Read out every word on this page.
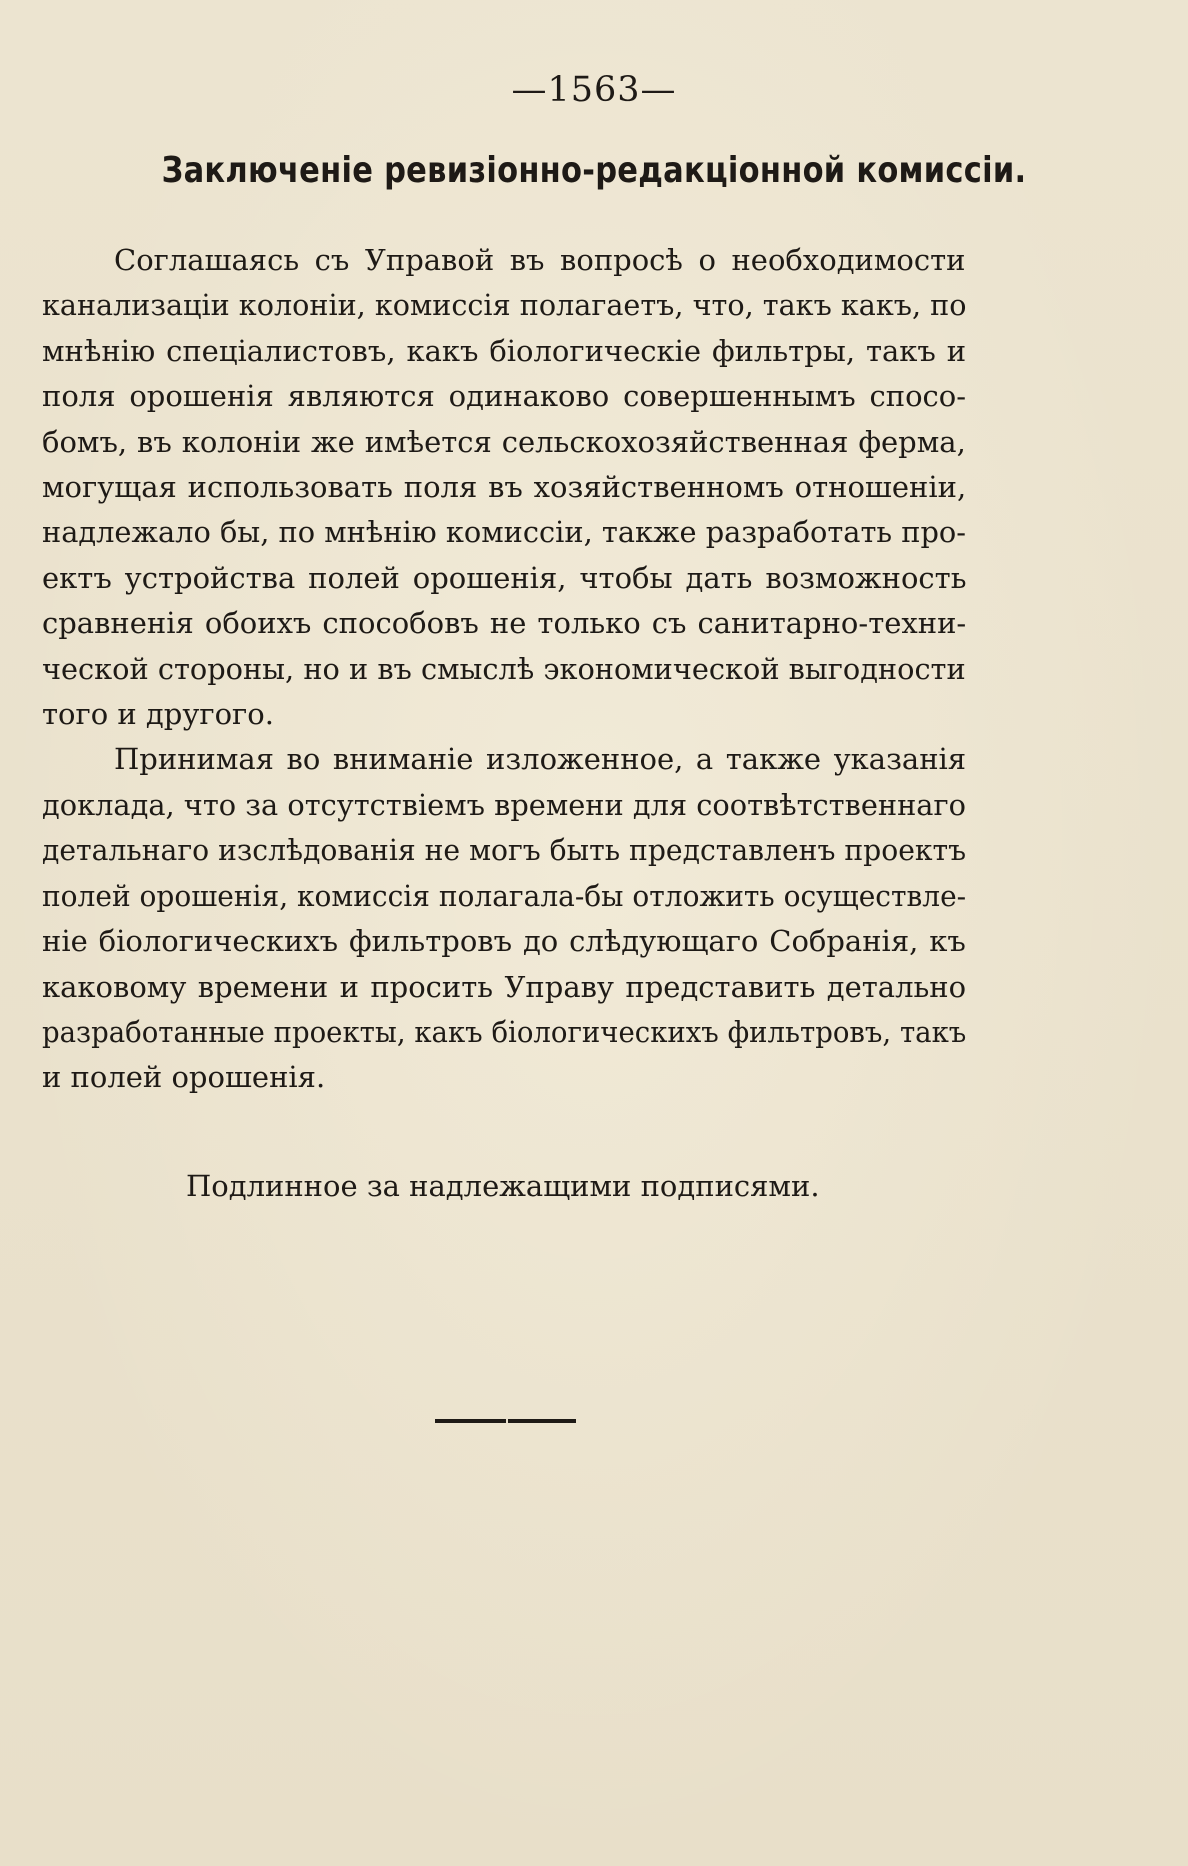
—1563—
Заключенiе ревизiонно-редакцiонной комиссiи.
Соглашаясь съ Управой въ вопросѣ о необходимости
канализацiи колонiи, комиссiя полагаетъ, что, такъ какъ, по
мнѣнiю спецiалистовъ, какъ бiологическiе фильтры, такъ и
поля орошенiя являются одинаково совершеннымъ спосо-
бомъ, въ колонiи же имѣется сельскохозяйственная ферма,
могущая использовать поля въ хозяйственномъ отношенiи,
надлежало бы, по мнѣнiю комиссiи, также разработать про-
ектъ устройства полей орошенiя, чтобы дать возможность
сравненiя обоихъ способовъ не только съ санитарно-техни-
ческой стороны, но и въ смыслѣ экономической выгодности
того и другого.
Принимая во вниманiе изложенное, а также указанiя
доклада, что за отсутствiемъ времени для соотвѣтственнаго
детальнаго изслѣдованiя не могъ быть представленъ проектъ
полей орошенiя, комиссiя полагала-бы отложить осуществле-
нiе бiологическихъ фильтровъ до слѣдующаго Собранiя, къ
каковому времени и просить Управу представить детально
разработанные проекты, какъ бiологическихъ фильтровъ, такъ
и полей орошенiя.
Подлинное за надлежащими подписями.
